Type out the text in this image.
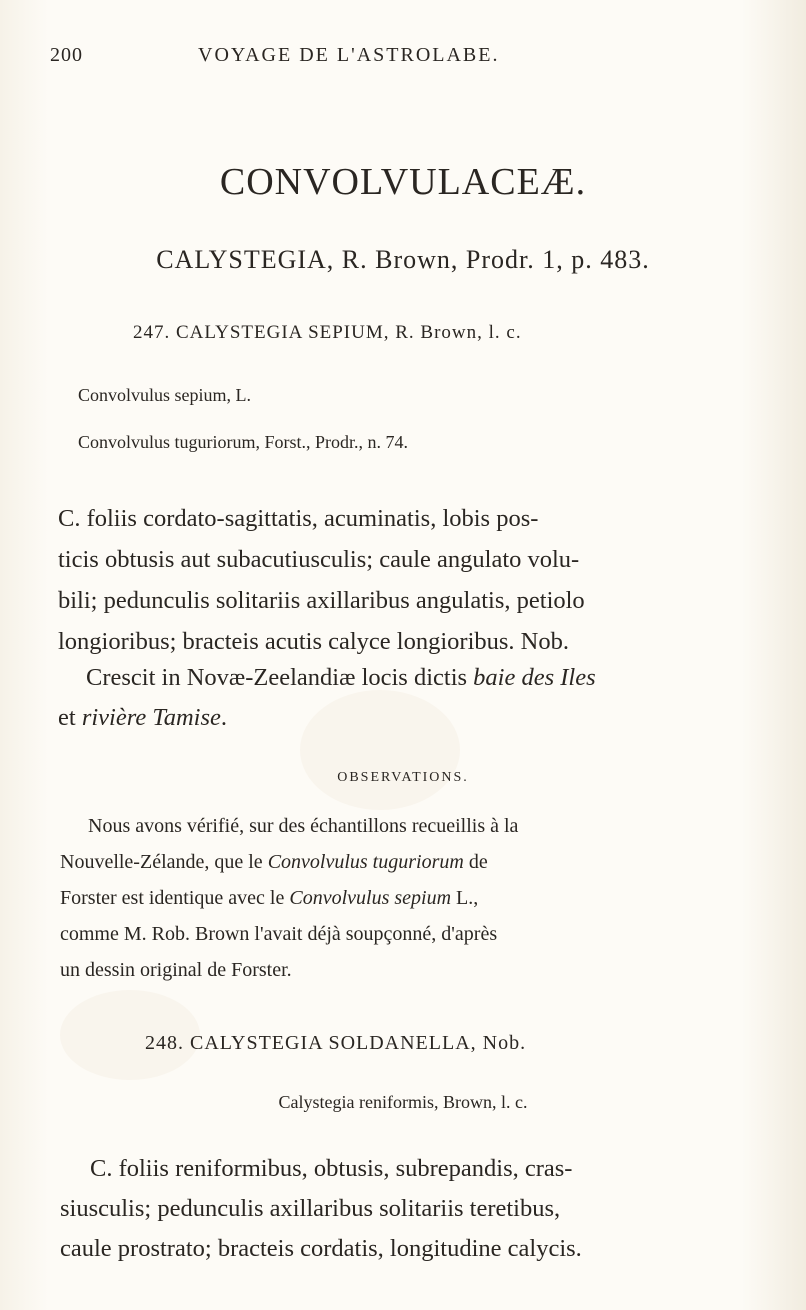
200	VOYAGE DE L'ASTROLABE.
CONVOLVULACEÆ.
CALYSTEGIA, R. Brown, Prodr. 1, p. 483.
247. CALYSTEGIA SEPIUM, R. Brown, l. c.
Convolvulus sepium, L.
Convolvulus tuguriorum, Forst., Prodr., n. 74.
C. foliis cordato-sagittatis, acuminatis, lobis pos-
ticis obtusis aut subacutiusculis; caule angulato volu-
bili; pedunculis solitariis axillaribus angulatis, petiolo
longioribus; bracteis acutis calyce longioribus. Nob.
Crescit in Novæ-Zeelandiæ locis dictis baie des Iles
et rivière Tamise.
OBSERVATIONS.
Nous avons vérifié, sur des échantillons recueillis à la
Nouvelle-Zélande, que le Convolvulus tuguriorum de
Forster est identique avec le Convolvulus sepium L.,
comme M. Rob. Brown l'avait déjà soupçonné, d'après
un dessin original de Forster.
248. CALYSTEGIA SOLDANELLA, Nob.
Calystegia reniformis, Brown, l. c.
C. foliis reniformibus, obtusis, subrepandis, cras-
siusculis; pedunculis axillaribus solitariis teretibus,
caule prostrato; bracteis cordatis, longitudine calycis.
